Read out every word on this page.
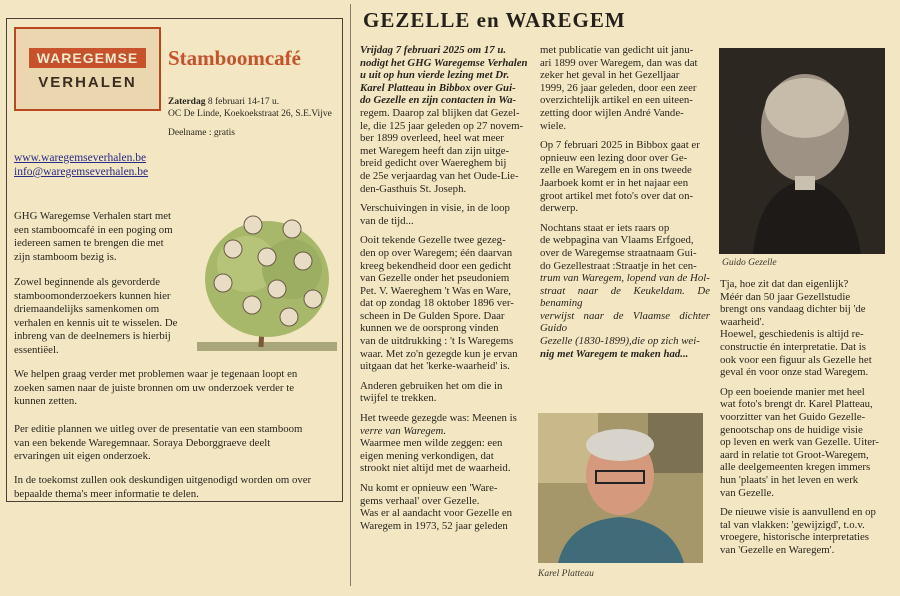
WAREGEMSE
VERHALEN
Stamboomcafé
Zaterdag 8 februari 14-17 u.
OC De Linde, Koekoekstraat 26, S.E.Vijve
Deelname : gratis
www.waregemseverhalen.be
info@waregemseverhalen.be
GHG Waregemse Verhalen start met
een stamboomcafé in een poging om
iedereen samen te brengen die met
zijn stamboom bezig is.
Zowel beginnende als gevorderde
stamboomonderzoekers kunnen hier
driemaandelijks samenkomen om
verhalen en kennis uit te wisselen. De
inbreng van de deelnemers is hierbij
essentiëel.
We helpen graag verder met problemen waar je tegenaan loopt en
zoeken samen naar de juiste bronnen om uw onderzoek verder te
kunnen zetten.
Per editie plannen we uitleg over de presentatie van een stamboom
van een bekende Waregemnaar. Soraya Deborggraeve deelt
ervaringen uit eigen onderzoek.
In de toekomst zullen ook deskundigen uitgenodigd worden om over
bepaalde thema's meer informatie te delen.
GEZELLE en WAREGEM
Vrijdag 7 februari 2025 om 17 u.
nodigt het GHG Waregemse Verhalen
u uit op hun vierde lezing met Dr.
Karel Platteau in Bibbox over Gui-
do Gezelle en zijn contacten in Wa-
regem. Daarop zal blijken dat Gezel-
le, die 125 jaar geleden op 27 novem-
ber 1899 overleed, heel wat meer
met Waregem heeft dan zijn uitge-
breid gedicht over Waereghem bij
de 25e verjaardag van het Oude-Lie-
den-Gasthuis St. Joseph.
Verschuivingen in visie, in de loop
van de tijd...
Ooit tekende Gezelle twee gezeg-
den op over Waregem; één daarvan
kreeg bekendheid door een gedicht
van Gezelle onder het pseudoniem
Pet. V. Waereghem 't Was en Ware,
dat op zondag 18 oktober 1896 ver-
scheen in De Gulden Spore. Daar
kunnen we de oorsprong vinden
van de uitdrukking : 't Is Waregems
waar. Met zo'n gezegde kun je ervan
uitgaan dat het 'kerke-waarheid' is.
Anderen gebruiken het om die in
twijfel te trekken.
Het tweede gezegde was: Meenen is
verre van Waregem.
Waarmee men wilde zeggen: een
eigen mening verkondigen, dat
strookt niet altijd met de waarheid.
Nu komt er opnieuw een 'Ware-
gems verhaal' over Gezelle.
Was er al aandacht voor Gezelle en
Waregem in 1973, 52 jaar geleden
met publicatie van gedicht uit janu-
ari 1899 over Waregem, dan was dat
zeker het geval in het Gezelljaar
1999, 26 jaar geleden, door een zeer
overzichtelijk artikel en een uiteen-
zetting door wijlen André Vande-
wiele.
Op 7 februari 2025 in Bibbox gaat er
opnieuw een lezing door over Ge-
zelle en Waregem en in ons tweede
Jaarboek komt er in het najaar een
groot artikel met foto's over dat on-
derwerp.
Nochtans staat er iets raars op
de webpagina van Vlaams Erfgoed,
over de Waregemse straatnaam Gui-
do Gezellestraat :Straatje in het cen-
trum van Waregem, lopend van de Hol-
straat naar de Keukeldam. De benaming
verwijst naar de Vlaamse dichter Guido
Gezelle (1830-1899),die op zich wei-
nig met Waregem te maken had...
Tja, hoe zit dat dan eigenlijk?
Méér dan 50 jaar Gezellstudie
brengt ons vandaag dichter bij 'de
waarheid'.
Hoewel, geschiedenis is altijd re-
constructie én interpretatie. Dat is
ook voor een figuur als Gezelle het
geval én voor onze stad Waregem.
Op een boeiende manier met heel
wat foto's brengt dr. Karel Platteau,
voorzitter van het Guido Gezelle-
genootschap ons de huidige visie
op leven en werk van Gezelle. Uiter-
aard in relatie tot Groot-Waregem,
alle deelgemeenten kregen immers
hun 'plaats' in het leven en werk
van Gezelle.
De nieuwe visie is aanvullend en op
tal van vlakken: 'gewijzigd', t.o.v.
vroegere, historische interpretaties
van 'Gezelle en Waregem'.
Guido Gezelle
Karel Platteau
